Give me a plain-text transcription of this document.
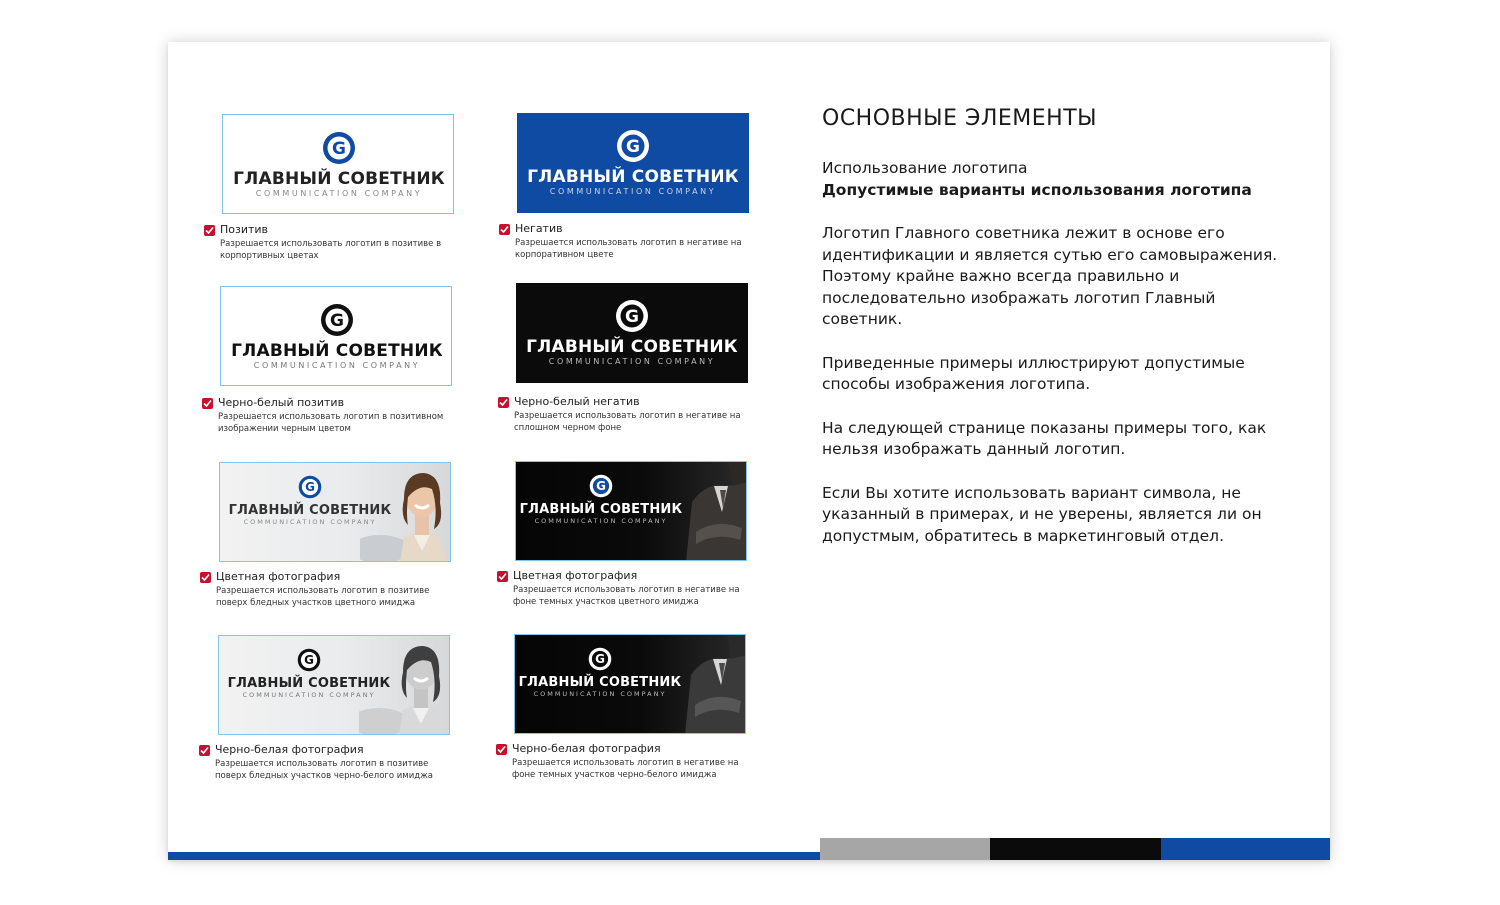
G
ГЛАВНЫЙ СОВЕТНИК
COMMUNICATION COMPANY
Позитив
Разрешается использовать логотип в позитиве в корпортивных цветах
G
ГЛАВНЫЙ СОВЕТНИК
COMMUNICATION COMPANY
Негатив
Разрешается использовать логотип в негативе на корпоративном цвете
G
ГЛАВНЫЙ СОВЕТНИК
COMMUNICATION COMPANY
Черно-белый позитив
Разрешается использовать логотип в позитивном изображении черным цветом
G
ГЛАВНЫЙ СОВЕТНИК
COMMUNICATION COMPANY
Черно-белый негатив
Разрешается использовать логотип в негативе на сплошном черном фоне
G
ГЛАВНЫЙ СОВЕТНИК
COMMUNICATION COMPANY
Цветная фотография
Разрешается использовать логотип в позитиве поверх бледных участков цветного имиджа
G
ГЛАВНЫЙ СОВЕТНИК
COMMUNICATION COMPANY
Цветная фотография
Разрешается использовать логотип в негативе на фоне темных участков цветного имиджа
G
ГЛАВНЫЙ СОВЕТНИК
COMMUNICATION COMPANY
Черно-белая фотография
Разрешается использовать логотип в позитиве поверх бледных участков черно-белого имиджа
G
ГЛАВНЫЙ СОВЕТНИК
COMMUNICATION COMPANY
Черно-белая фотография
Разрешается использовать логотип в негативе на фоне темных участков черно-белого имиджа
ОСНОВНЫЕ ЭЛЕМЕНТЫ
Использование логотипа
Допустимые варианты использования логотипа

Логотип Главного советника лежит в основе его идентификации и является сутью его самовыражения. Поэтому крайне важно всегда правильно и последовательно изображать логотип Главный советник.

Приведенные примеры иллюстрируют допустимые способы изображения логотипа.

На следующей странице показаны примеры того, как нельзя изображать данный логотип.

Если Вы хотите использовать вариант символа, не указанный в примерах, и не уверены, является ли он допустмым, обратитесь в маркетинговый отдел.
